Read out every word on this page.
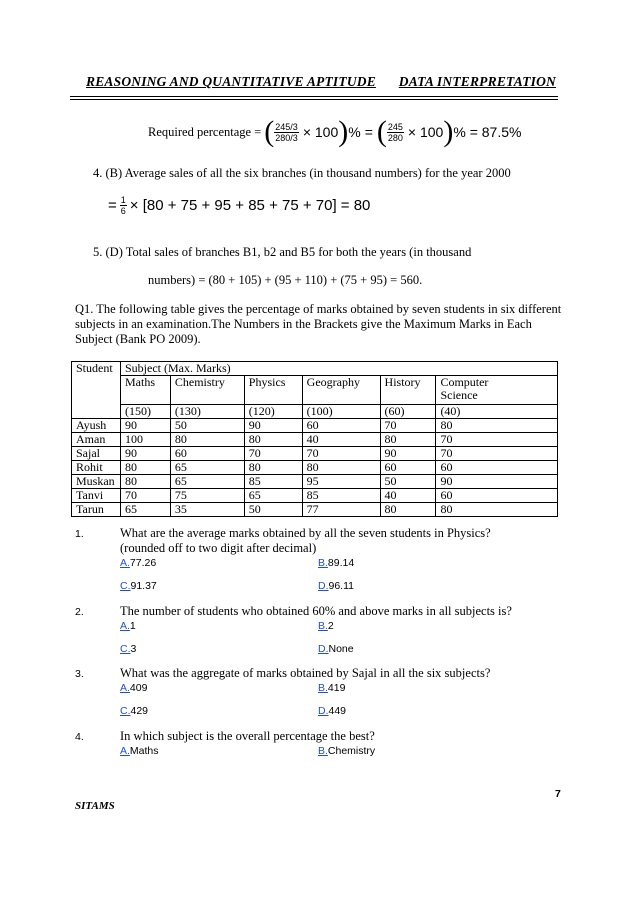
REASONING AND QUANTITATIVE APTITUDE DATA INTERPRETATION
Required percentage = ( $\frac{245/3}{280/3} \times 100$ ) % = ( $\frac{245}{280} \times 100$ ) % = 87.5%
4. (B) Average sales of all the six branches (in thousand numbers) for the year 2000
= $\frac{1}{6} \times [80 + 75 + 95 + 85 + 75 + 70] = 80$
5. (D) Total sales of branches B1, b2 and B5 for both the years (in thousand
numbers) = (80 + 105) + (95 + 110) + (75 + 95) = 560.
Q1. The following table gives the percentage of marks obtained by seven students in six different
subjects in an examination.The Numbers in the Brackets give the Maximum Marks in Each
Subject (Bank PO 2009).
Student	Subject (Max. Marks)					
	Maths	Chemistry	Physics	Geography	History	Computer
Science
	(150)	(130)	(120)	(100)	(60)	(40)
Ayush	90	50	90	60	70	80
Aman	100	80	80	40	80	70
Sajal	90	60	70	70	90	70
Rohit	80	65	80	80	60	60
Muskan	80	65	85	95	50	90
Tanvi	70	75	65	85	40	60
Tarun	65	35	50	77	80	80
1.	What are the average marks obtained by all the seven students in Physics?
(rounded off to two digit after decimal)
A.77.26	B.89.14
C.91.37	D.96.11
2.	The number of students who obtained 60% and above marks in all subjects is?
A.1	B.2
C.3	D.None
3.	What was the aggregate of marks obtained by Sajal in all the six subjects?
A.409	B.419
C.429	D.449
4.	In which subject is the overall percentage the best?
A.Maths	B.Chemistry
7
SITAMS
